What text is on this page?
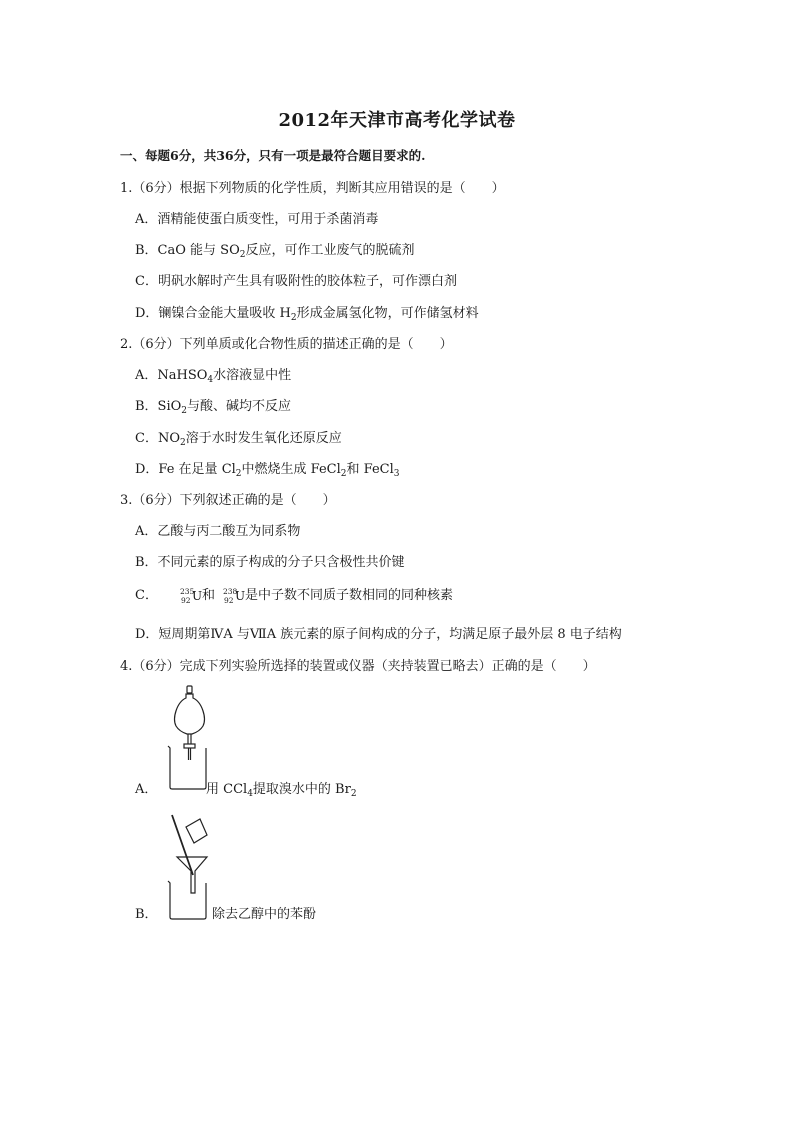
2012年天津市高考化学试卷
一、每题6分，共36分，只有一项是最符合题目要求的.
1.（6分）根据下列物质的化学性质，判断其应用错误的是（　　）
A．酒精能使蛋白质变性，可用于杀菌消毒
B．CaO 能与 $SO_2$反应，可作工业废气的脱硫剂
C．明矾水解时产生具有吸附性的胶体粒子，可作漂白剂
D．镧镍合金能大量吸收 $H_2$形成金属氢化物，可作储氢材料
2.（6分）下列单质或化合物性质的描述正确的是（　　）
A．NaHSO$_4$水溶液显中性
B．SiO$_2$与酸、碱均不反应
C．$NO_2$溶于水时发生氧化还原反应
D．Fe 在足量 $Cl_2$中燃烧生成 FeCl$_2$和 FeCl$_3$
3.（6分）下列叙述正确的是（　　）
A．乙酸与丙二酸互为同系物
B．不同元素的原子构成的分子只含极性共价键
C．	235
92 U 和 238
92 U 是中子数不同质子数相同的同种核素
D．短周期第ⅣA 与ⅦA 族元素的原子间构成的分子，均满足原子最外层 8 电子结构
4.（6分）完成下列实验所选择的装置或仪器（夹持装置已略去）正确的是（　　）
A．	用 CCl$_4$提取溴水中的 $Br_2$
B．	除去乙醇中的苯酚
